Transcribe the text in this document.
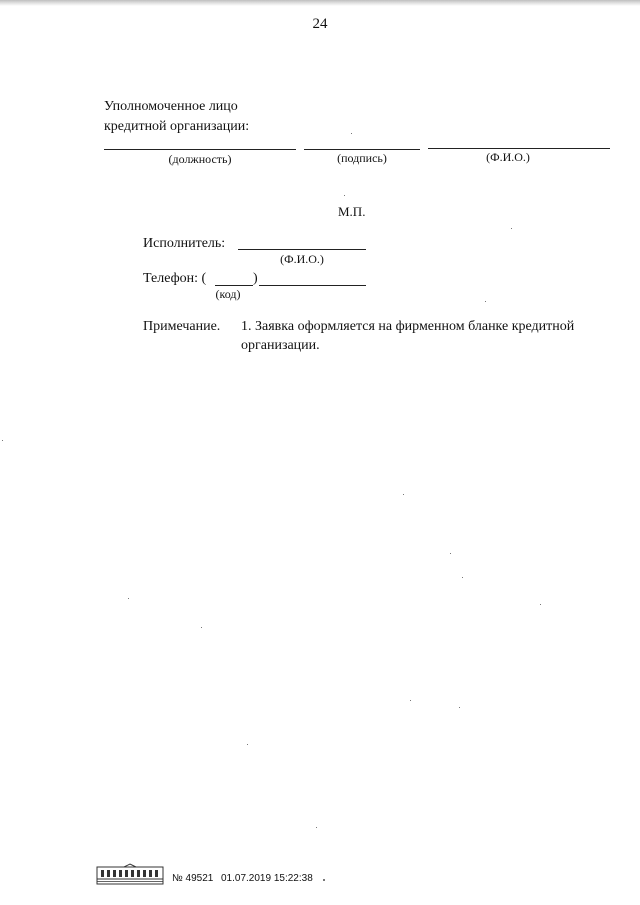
24
Уполномоченное лицо
кредитной организации:
(должность)	(подпись)	(Ф.И.О.)
М.П.
Исполнитель:
(Ф.И.О.)
Телефон: (	)
(код)
Примечание. 1. Заявка оформляется на фирменном бланке кредитной
организации.
№ 49521 01.07.2019 15:22:38
